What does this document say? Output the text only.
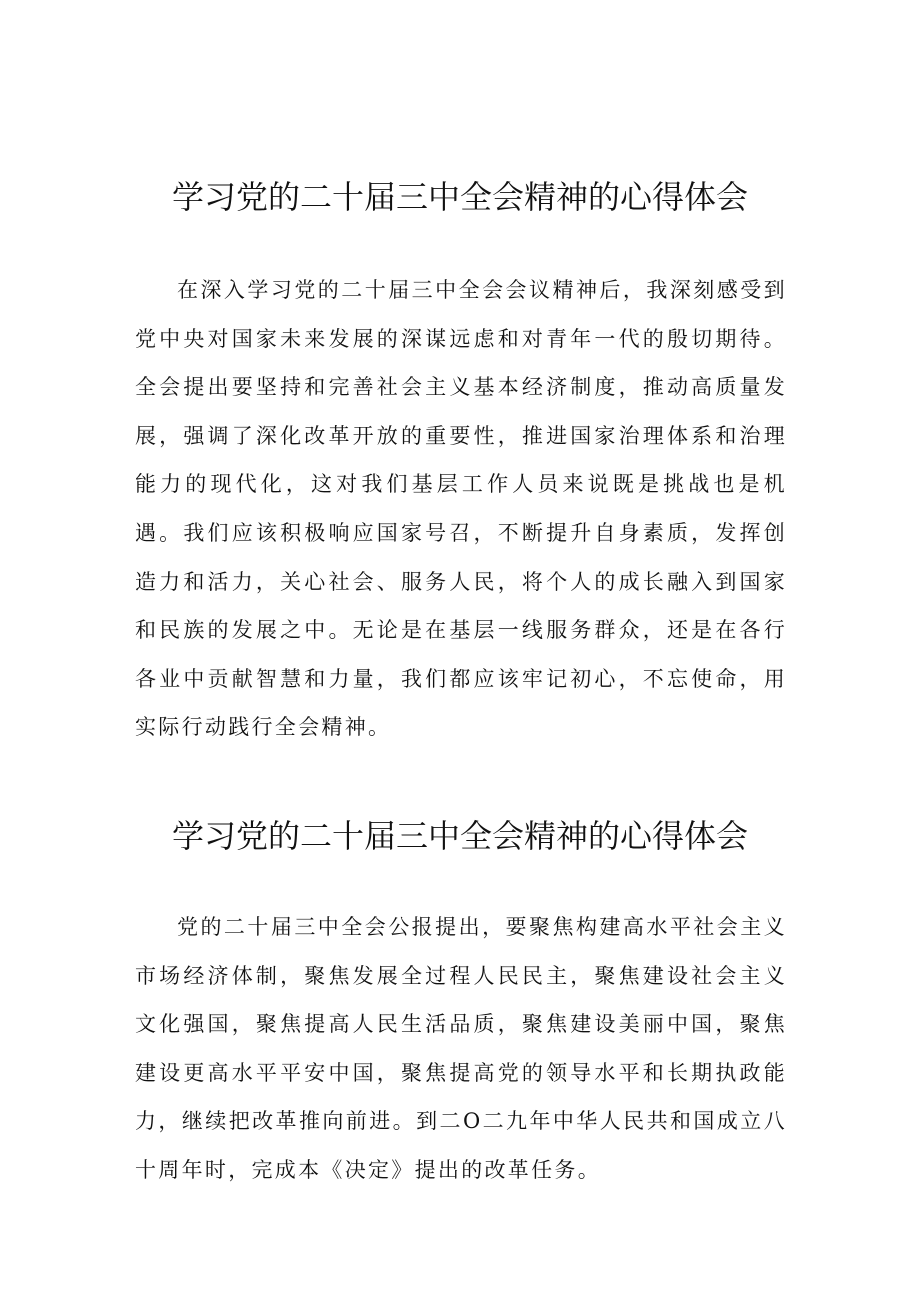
学习党的二十届三中全会精神的心得体会

在深入学习党的二十届三中全会会议精神后，我深刻感受到党中央对国家未来发展的深谋远虑和对青年一代的殷切期待。全会提出要坚持和完善社会主义基本经济制度，推动高质量发展，强调了深化改革开放的重要性，推进国家治理体系和治理能力的现代化，这对我们基层工作人员来说既是挑战也是机遇。我们应该积极响应国家号召，不断提升自身素质，发挥创造力和活力，关心社会、服务人民，将个人的成长融入到国家和民族的发展之中。无论是在基层一线服务群众，还是在各行各业中贡献智慧和力量，我们都应该牢记初心，不忘使命，用实际行动践行全会精神。

学习党的二十届三中全会精神的心得体会

党的二十届三中全会公报提出，要聚焦构建高水平社会主义市场经济体制，聚焦发展全过程人民民主，聚焦建设社会主义文化强国，聚焦提高人民生活品质，聚焦建设美丽中国，聚焦建设更高水平平安中国，聚焦提高党的领导水平和长期执政能力，继续把改革推向前进。到二O二九年中华人民共和国成立八十周年时，完成本《决定》提出的改革任务。
